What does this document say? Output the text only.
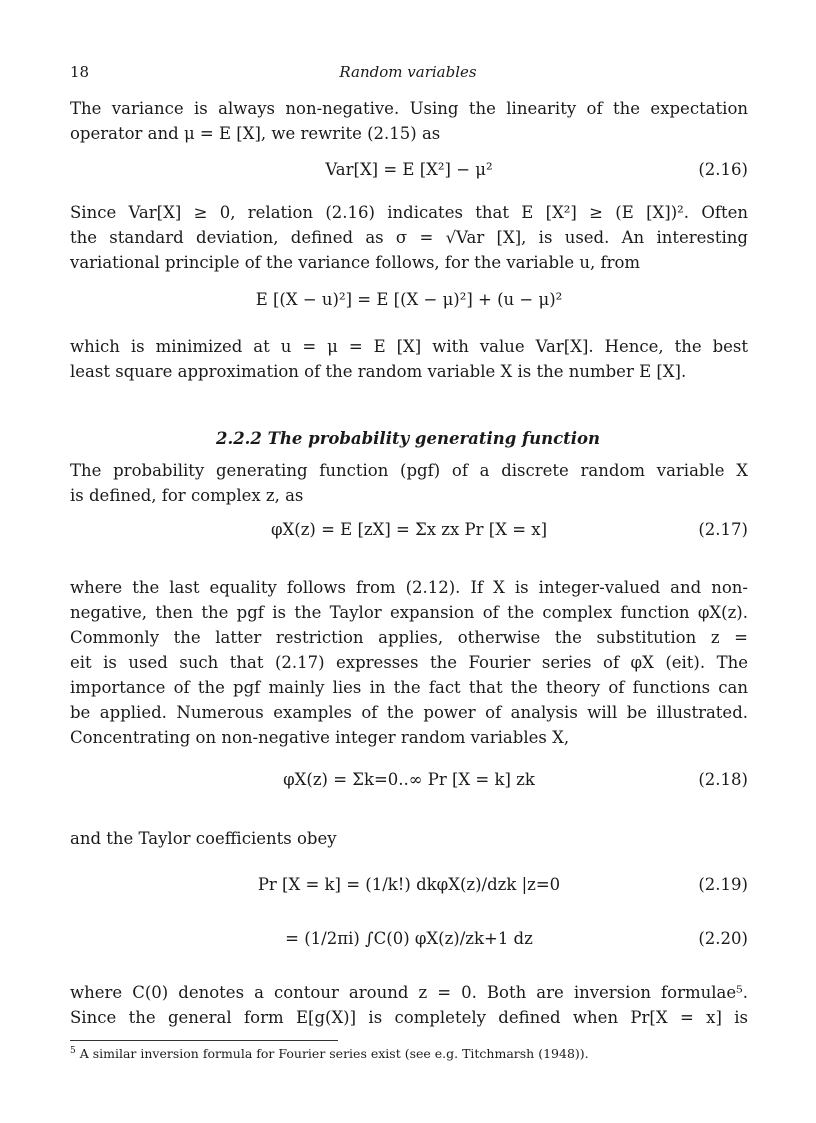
18	Random variables
The variance is always non-negative. Using the linearity of the expectation
operator and μ = E [X], we rewrite (2.15) as
Var[X] = E [X²] − μ²	(2.16)
Since Var[X] ≥ 0, relation (2.16) indicates that E [X²] ≥ (E [X])². Often
the standard deviation, defined as σ = √Var [X], is used. An interesting
variational principle of the variance follows, for the variable u, from
E [(X − u)²] = E [(X − μ)²] + (u − μ)²
which is minimized at u = μ = E [X] with value Var[X]. Hence, the best
least square approximation of the random variable X is the number E [X].
2.2.2 The probability generating function
The probability generating function (pgf) of a discrete random variable X
is defined, for complex z, as
φX(z) = E [zX] = Σx zx Pr [X = x]	(2.17)
where the last equality follows from (2.12). If X is integer-valued and non-
negative, then the pgf is the Taylor expansion of the complex function φX(z).
Commonly the latter restriction applies, otherwise the substitution z =
eit is used such that (2.17) expresses the Fourier series of φX (eit). The
importance of the pgf mainly lies in the fact that the theory of functions can
be applied. Numerous examples of the power of analysis will be illustrated.
Concentrating on non-negative integer random variables X,
φX(z) = Σk=0..∞ Pr [X = k] zk	(2.18)
and the Taylor coefficients obey
Pr [X = k] = (1/k!) dkφX(z)/dzk |z=0	(2.19)
= (1/2πi) ∫C(0) φX(z)/zk+1 dz	(2.20)
where C(0) denotes a contour around z = 0. Both are inversion formulae⁵.
Since the general form E[g(X)] is completely defined when Pr[X = x] is
$^5$ A similar inversion formula for Fourier series exist (see e.g. Titchmarsh (1948)).
